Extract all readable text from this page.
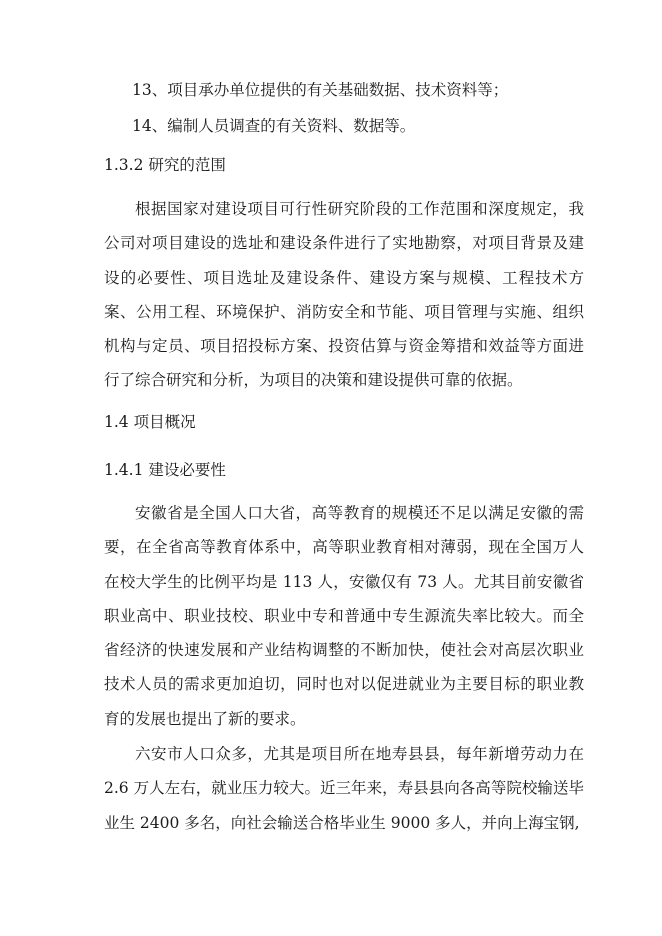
13、项目承办单位提供的有关基础数据、技术资料等；
14、编制人员调查的有关资料、数据等。
1.3.2 研究的范围

根据国家对建设项目可行性研究阶段的工作范围和深度规定，我公司对项目建设的选址和建设条件进行了实地勘察，对项目背景及建设的必要性、项目选址及建设条件、建设方案与规模、工程技术方案、公用工程、环境保护、消防安全和节能、项目管理与实施、组织机构与定员、项目招投标方案、投资估算与资金筹措和效益等方面进行了综合研究和分析，为项目的决策和建设提供可靠的依据。

1.4 项目概况
1.4.1 建设必要性

安徽省是全国人口大省，高等教育的规模还不足以满足安徽的需要，在全省高等教育体系中，高等职业教育相对薄弱，现在全国万人在校大学生的比例平均是 113 人，安徽仅有 73 人。尤其目前安徽省职业高中、职业技校、职业中专和普通中专生源流失率比较大。而全省经济的快速发展和产业结构调整的不断加快，使社会对高层次职业技术人员的需求更加迫切，同时也对以促进就业为主要目标的职业教育的发展也提出了新的要求。

六安市人口众多，尤其是项目所在地寿县县，每年新增劳动力在 2.6 万人左右，就业压力较大。近三年来，寿县县向各高等院校输送毕业生 2400 多名，向社会输送合格毕业生 9000 多人，并向上海宝钢,
